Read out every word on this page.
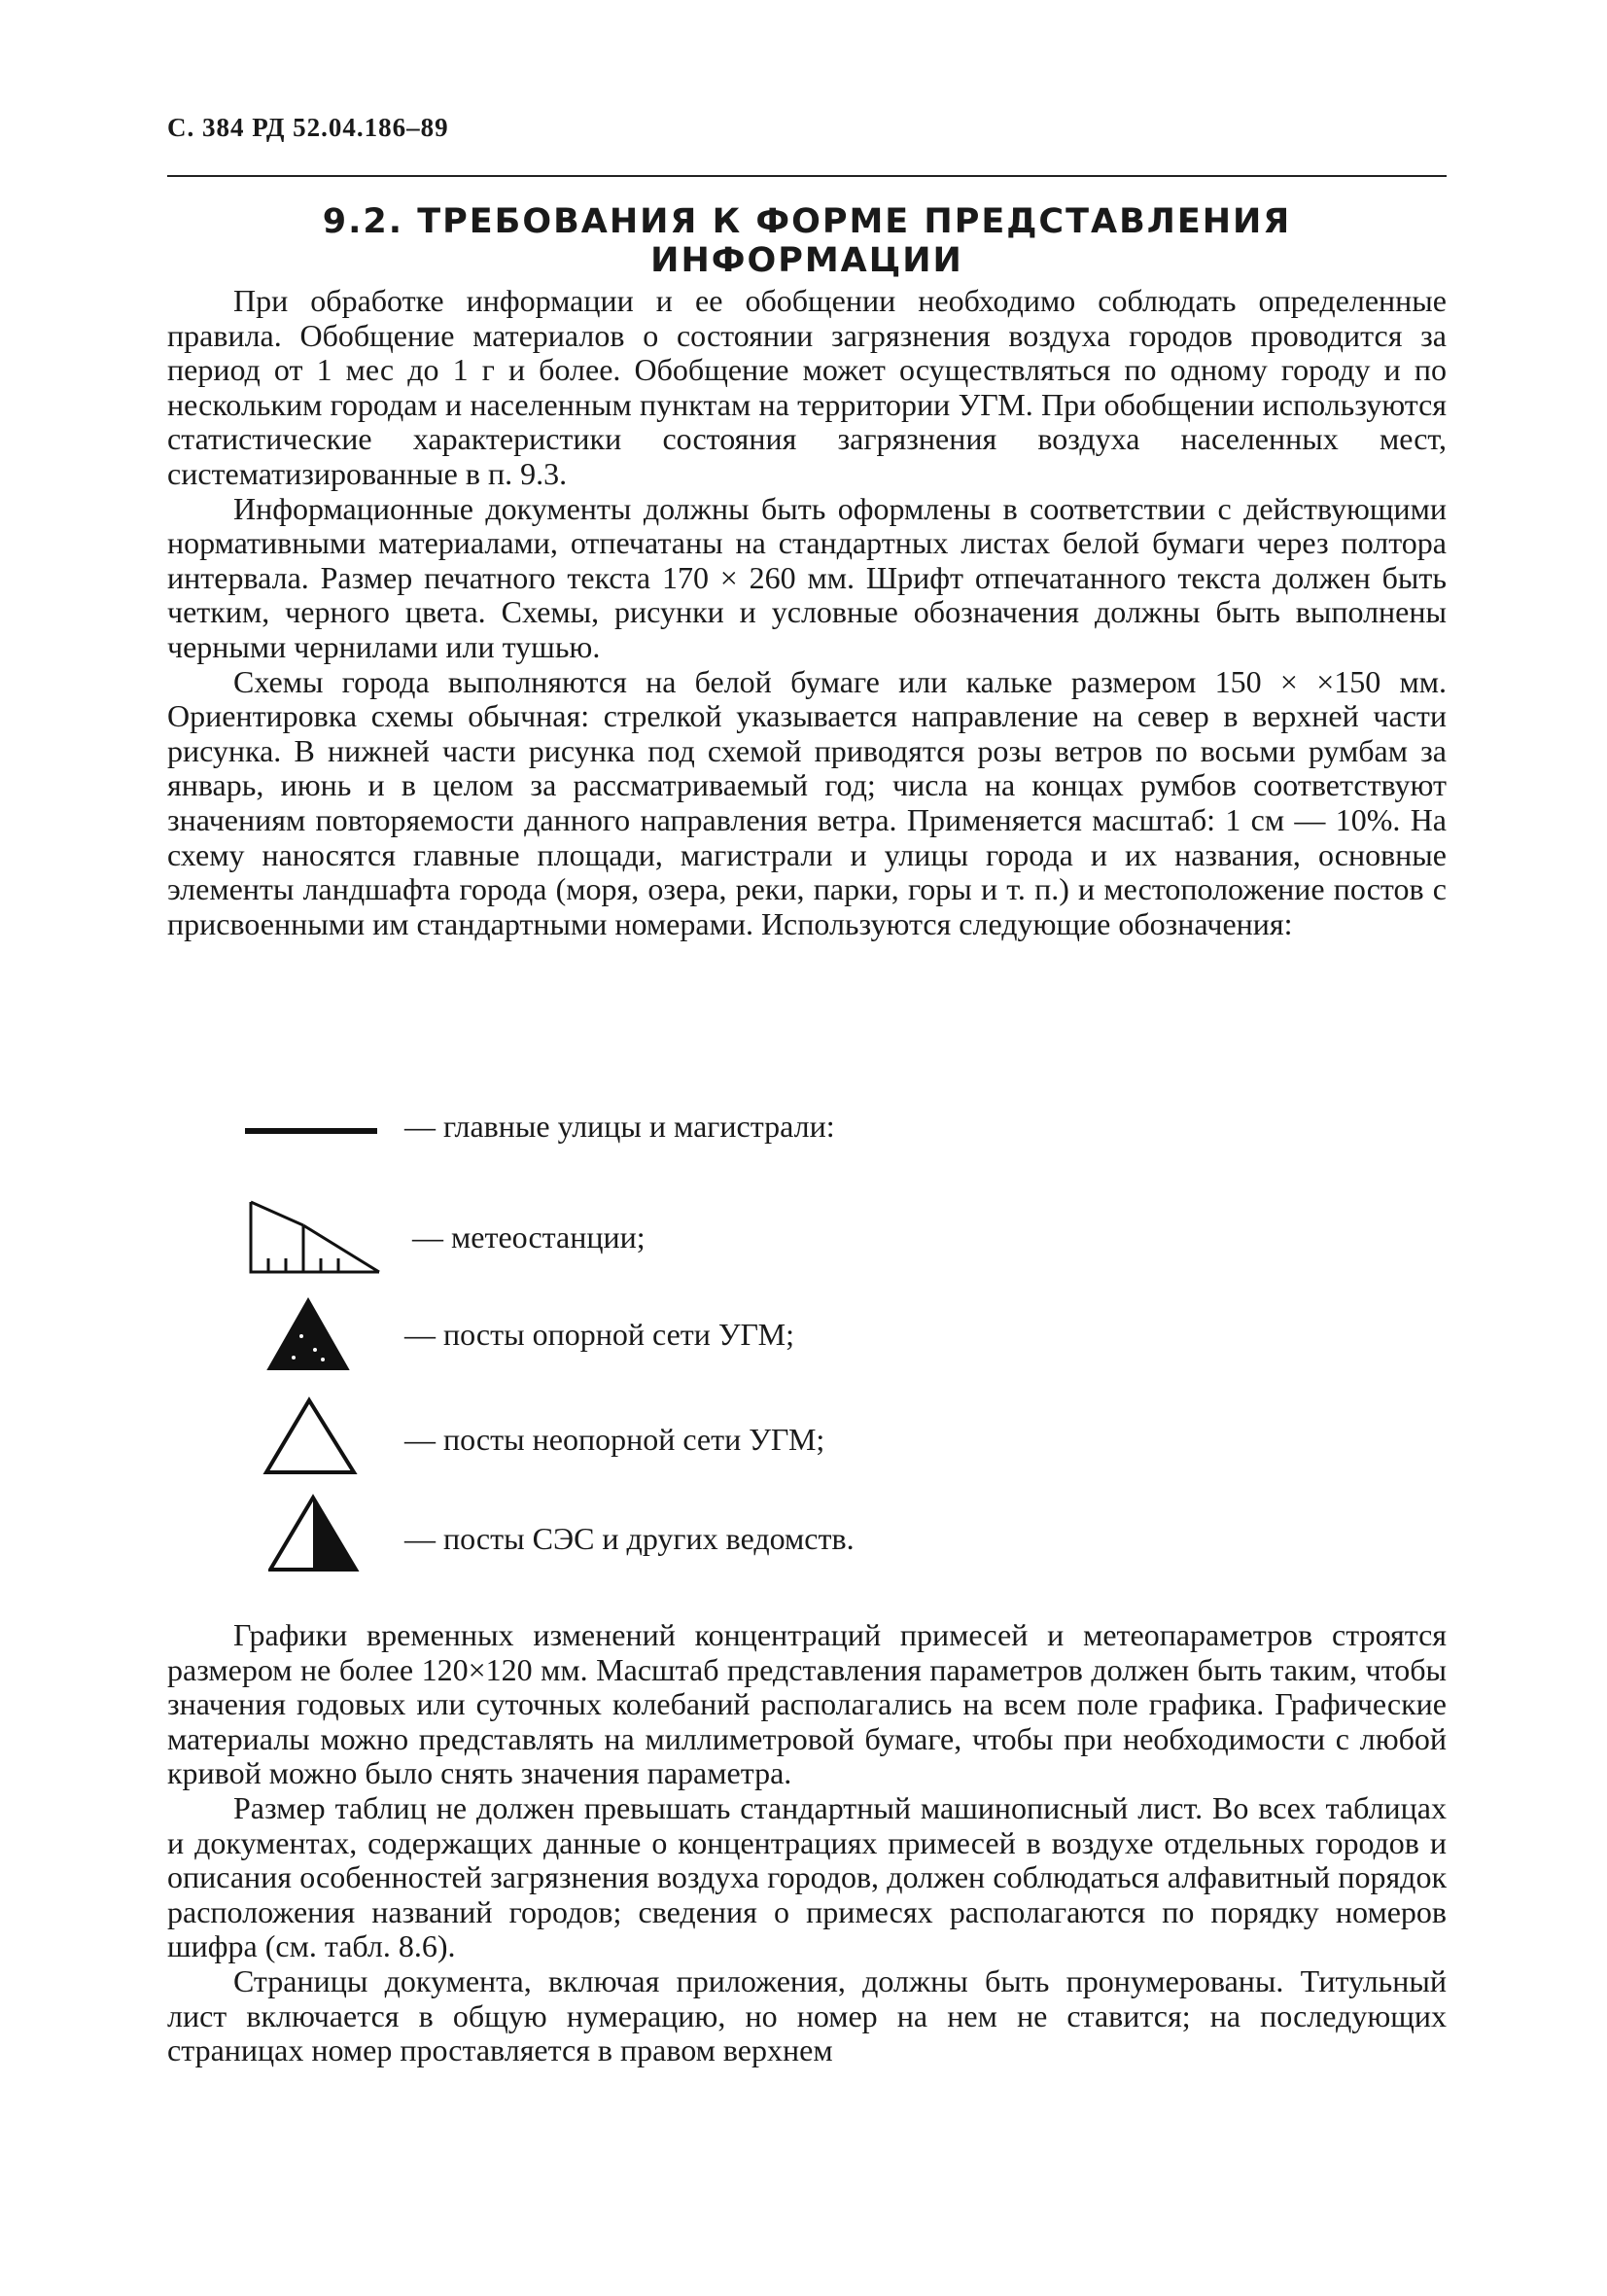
С. 384 РД 52.04.186–89
9.2. ТРЕБОВАНИЯ К ФОРМЕ ПРЕДСТАВЛЕНИЯ ИНФОРМАЦИИ

При обработке информации и ее обобщении необходимо соблюдать определенные правила. Обобщение материалов о состоянии загрязнения воздуха городов проводится за период от 1 мес до 1 г и более. Обобщение может осуществляться по одному городу и по нескольким городам и населенным пунктам на территории УГМ. При обобщении используются статистические характеристики состояния загрязнения воздуха населенных мест, систематизированные в п. 9.3.

Информационные документы должны быть оформлены в соответствии с действующими нормативными материалами, отпечатаны на стандартных листах белой бумаги через полтора интервала. Размер печатного текста 170 × 260 мм. Шрифт отпечатанного текста должен быть четким, черного цвета. Схемы, рисунки и условные обозначения должны быть выполнены черными чернилами или тушью.

Схемы города выполняются на белой бумаге или кальке размером 150 × ×150 мм. Ориентировка схемы обычная: стрелкой указывается направление на север в верхней части рисунка. В нижней части рисунка под схемой приводятся розы ветров по восьми румбам за январь, июнь и в целом за рассматриваемый год; числа на концах румбов соответствуют значениям повторяемости данного направления ветра. Применяется масштаб: 1 см — 10%. На схему наносятся главные площади, магистрали и улицы города и их названия, основные элементы ландшафта города (моря, озера, реки, парки, горы и т. п.) и местоположение постов с присвоенными им стандартными номерами. Используются следующие обозначения:

— главные улицы и магистрали:
— метеостанции;
— посты опорной сети УГМ;
— посты неопорной сети УГМ;
— посты СЭС и других ведомств.

Графики временных изменений концентраций примесей и метеопараметров строятся размером не более 120×120 мм. Масштаб представления параметров должен быть таким, чтобы значения годовых или суточных колебаний располагались на всем поле графика. Графические материалы можно представлять на миллиметровой бумаге, чтобы при необходимости с любой кривой можно было снять значения параметра.

Размер таблиц не должен превышать стандартный машинописный лист. Во всех таблицах и документах, содержащих данные о концентрациях примесей в воздухе отдельных городов и описания особенностей загрязнения воздуха городов, должен соблюдаться алфавитный порядок расположения названий городов; сведения о примесях располагаются по порядку номеров шифра (см. табл. 8.6).

Страницы документа, включая приложения, должны быть пронумерованы. Титульный лист включается в общую нумерацию, но номер на нем не ставится; на последующих страницах номер проставляется в правом верхнем
